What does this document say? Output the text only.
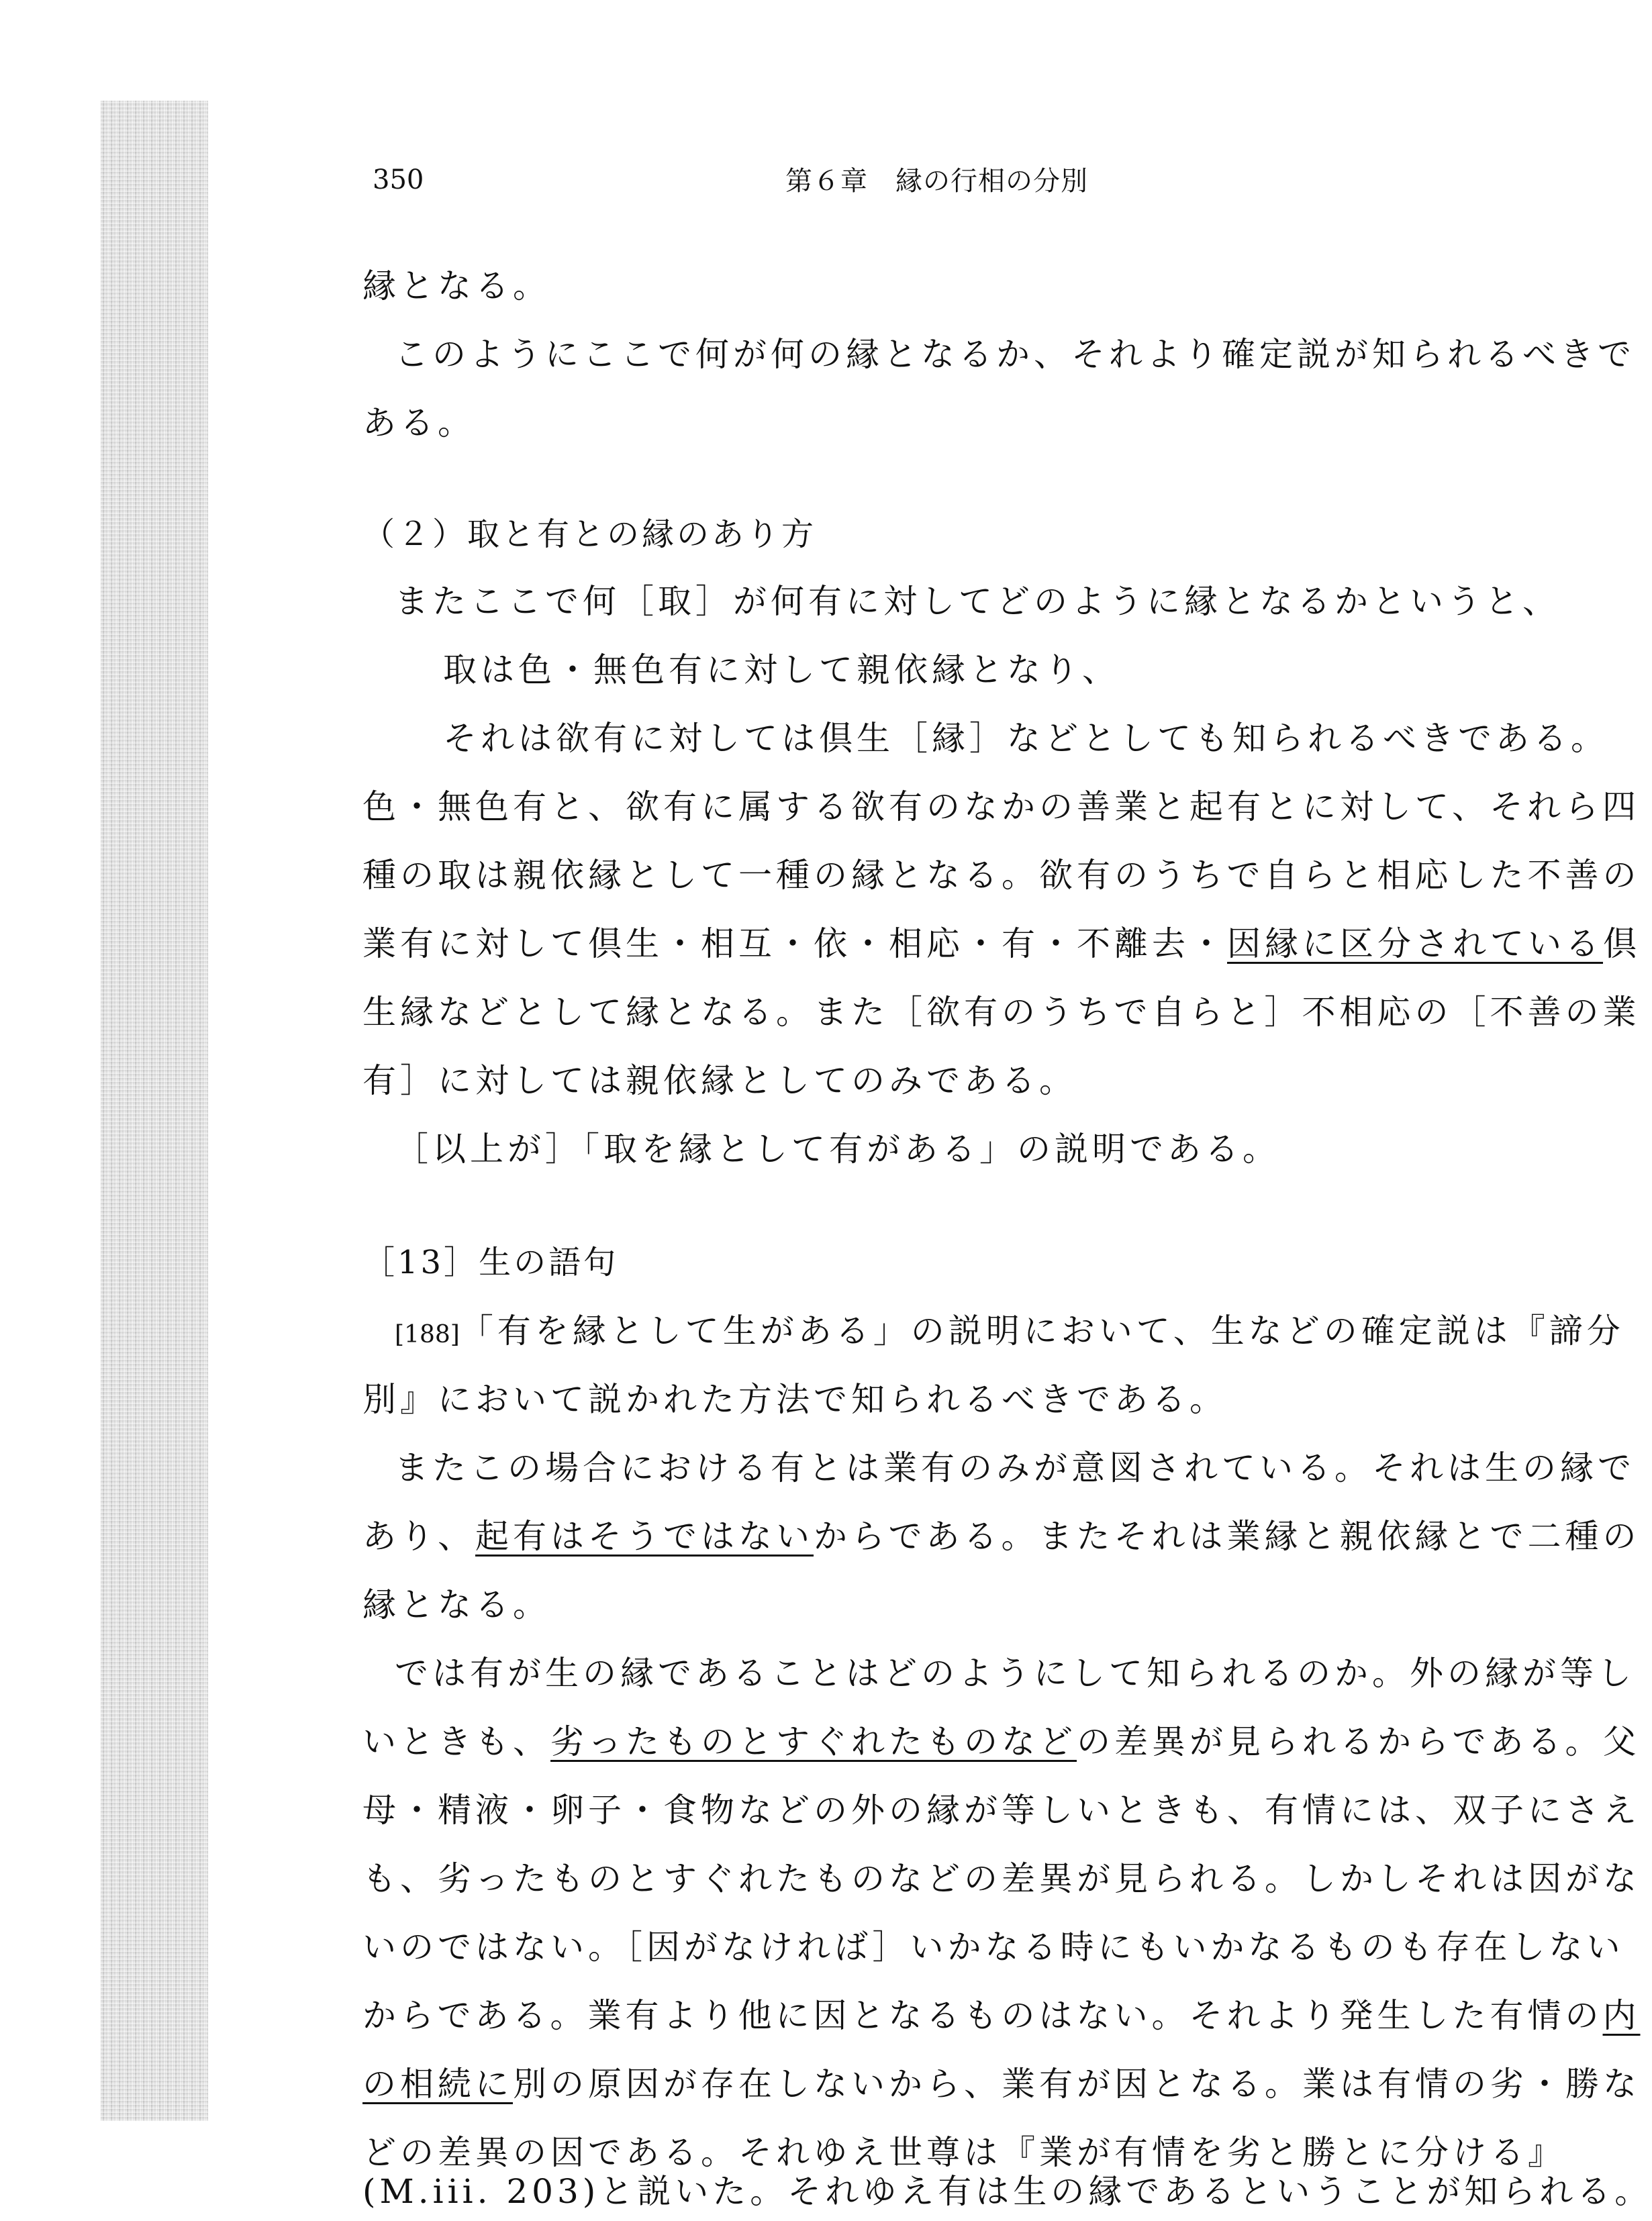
350	第６章　縁の行相の分別
縁となる。
このようにここで何が何の縁となるか、それより確定説が知られるべきで
ある。
（２）取と有との縁のあり方
またここで何［取］が何有に対してどのように縁となるかというと、
取は色・無色有に対して親依縁となり、
それは欲有に対しては倶生［縁］などとしても知られるべきである。
色・無色有と、欲有に属する欲有のなかの善業と起有とに対して、それら四
種の取は親依縁として一種の縁となる。欲有のうちで自らと相応した不善の
業有に対して倶生・相互・依・相応・有・不離去・因縁に区分されている倶
生縁などとして縁となる。また［欲有のうちで自らと］不相応の［不善の業
有］に対しては親依縁としてのみである。
［以上が］「取を縁として有がある」の説明である。
［13］生の語句
[188]「有を縁として生がある」の説明において、生などの確定説は『諦分
別』において説かれた方法で知られるべきである。
またこの場合における有とは業有のみが意図されている。それは生の縁で
あり、起有はそうではないからである。またそれは業縁と親依縁とで二種の
縁となる。
では有が生の縁であることはどのようにして知られるのか。外の縁が等し
いときも、劣ったものとすぐれたものなどの差異が見られるからである。父
母・精液・卵子・食物などの外の縁が等しいときも、有情には、双子にさえ
も、劣ったものとすぐれたものなどの差異が見られる。しかしそれは因がな
いのではない。［因がなければ］いかなる時にもいかなるものも存在しない
からである。業有より他に因となるものはない。それより発生した有情の内
の相続に別の原因が存在しないから、業有が因となる。業は有情の劣・勝な
どの差異の因である。それゆえ世尊は『業が有情を劣と勝とに分ける』
(M.iii. 203)と説いた。それゆえ有は生の縁であるということが知られる。
